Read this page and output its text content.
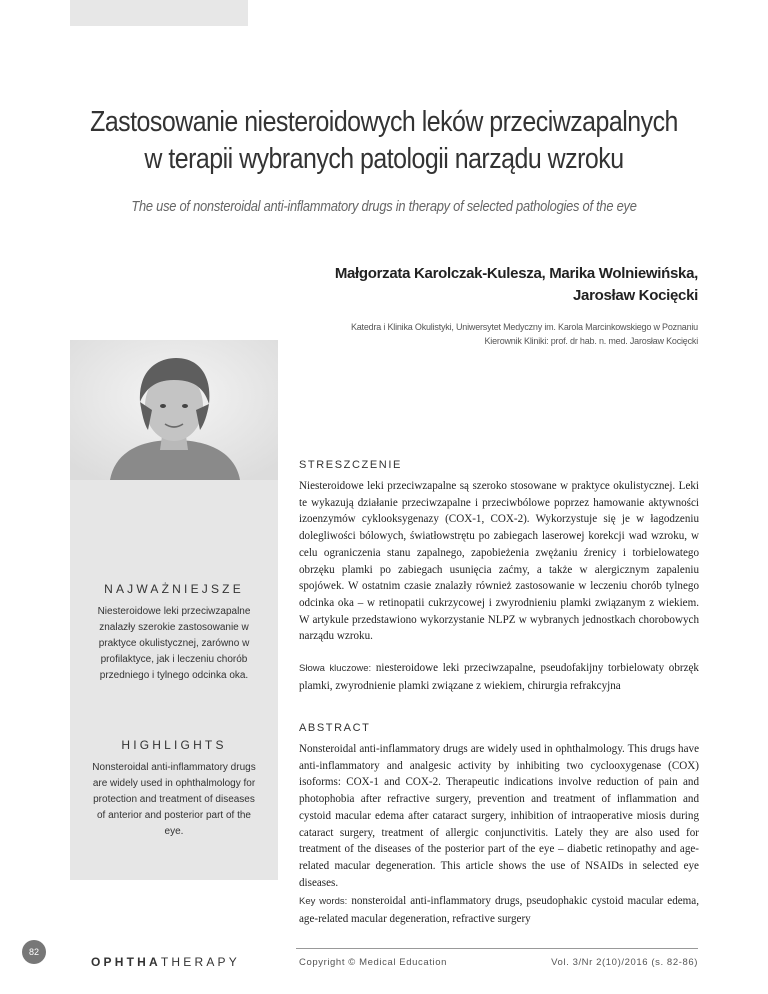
Zastosowanie niesteroidowych leków przeciwzapalnych w terapii wybranych patologii narządu wzroku
The use of nonsteroidal anti-inflammatory drugs in therapy of selected pathologies of the eye
Małgorzata Karolczak-Kulesza, Marika Wolniewińska,
Jarosław Kocięcki
Katedra i Klinika Okulistyki, Uniwersytet Medyczny im. Karola Marcinkowskiego w Poznaniu
Kierownik Kliniki: prof. dr hab. n. med. Jarosław Kocięcki

NAJWAŻNIEJSZE

Niesteroidowe leki przeciwzapalne znalazły szerokie zastosowanie w praktyce okulistycznej, zarówno w profilaktyce, jak i leczeniu chorób przedniego i tylnego odcinka oka.

HIGHLIGHTS

Nonsteroidal anti-inflammatory drugs are widely used in ophthalmology for protection and treatment of diseases of anterior and posterior part of the eye.

STRESZCZENIE

Niesteroidowe leki przeciwzapalne są szeroko stosowane w praktyce okulistycznej. Leki te wykazują działanie przeciwzapalne i przeciwbólowe poprzez hamowanie aktywności izoenzymów cyklooksygenazy (COX-1, COX-2). Wykorzystuje się je w łagodzeniu dolegliwości bólowych, światłowstrętu po zabiegach laserowej korekcji wad wzroku, w celu ograniczenia stanu zapalnego, zapobieżenia zwężaniu źrenicy i torbielowatego obrzęku plamki po zabiegach usunięcia zaćmy, a także w alergicznym zapaleniu spojówek. W ostatnim czasie znalazły również zastosowanie w leczeniu chorób tylnego odcinka oka – w retinopatii cukrzycowej i zwyrodnieniu plamki związanym z wiekiem. W artykule przedstawiono wykorzystanie NLPZ w wybranych jednostkach chorobowych narządu wzroku.

Słowa kluczowe: niesteroidowe leki przeciwzapalne, pseudofakijny torbielowaty obrzęk plamki, zwyrodnienie plamki związane z wiekiem, chirurgia refrakcyjna

ABSTRACT

Nonsteroidal anti-inflammatory drugs are widely used in ophthalmology. This drugs have anti-inflammatory and analgesic activity by inhibiting two cyclooxygenase (COX) isoforms: COX-1 and COX-2. Therapeutic indications involve reduction of pain and photophobia after refractive surgery, prevention and treatment of inflammation and cystoid macular edema after cataract surgery, inhibition of intraoperative miosis during cataract surgery, treatment of allergic conjunctivitis. Lately they are also used for treatment of the diseases of the posterior part of the eye – diabetic retinopathy and age-related macular degeneration. This article shows the use of NSAIDs in selected eye diseases.

Key words: nonsteroidal anti-inflammatory drugs, pseudophakic cystoid macular edema, age-related macular degeneration, refractive surgery

82
OPHTHATHERAPY	Copyright © Medical Education	Vol. 3/Nr 2(10)/2016 (s. 82-86)
